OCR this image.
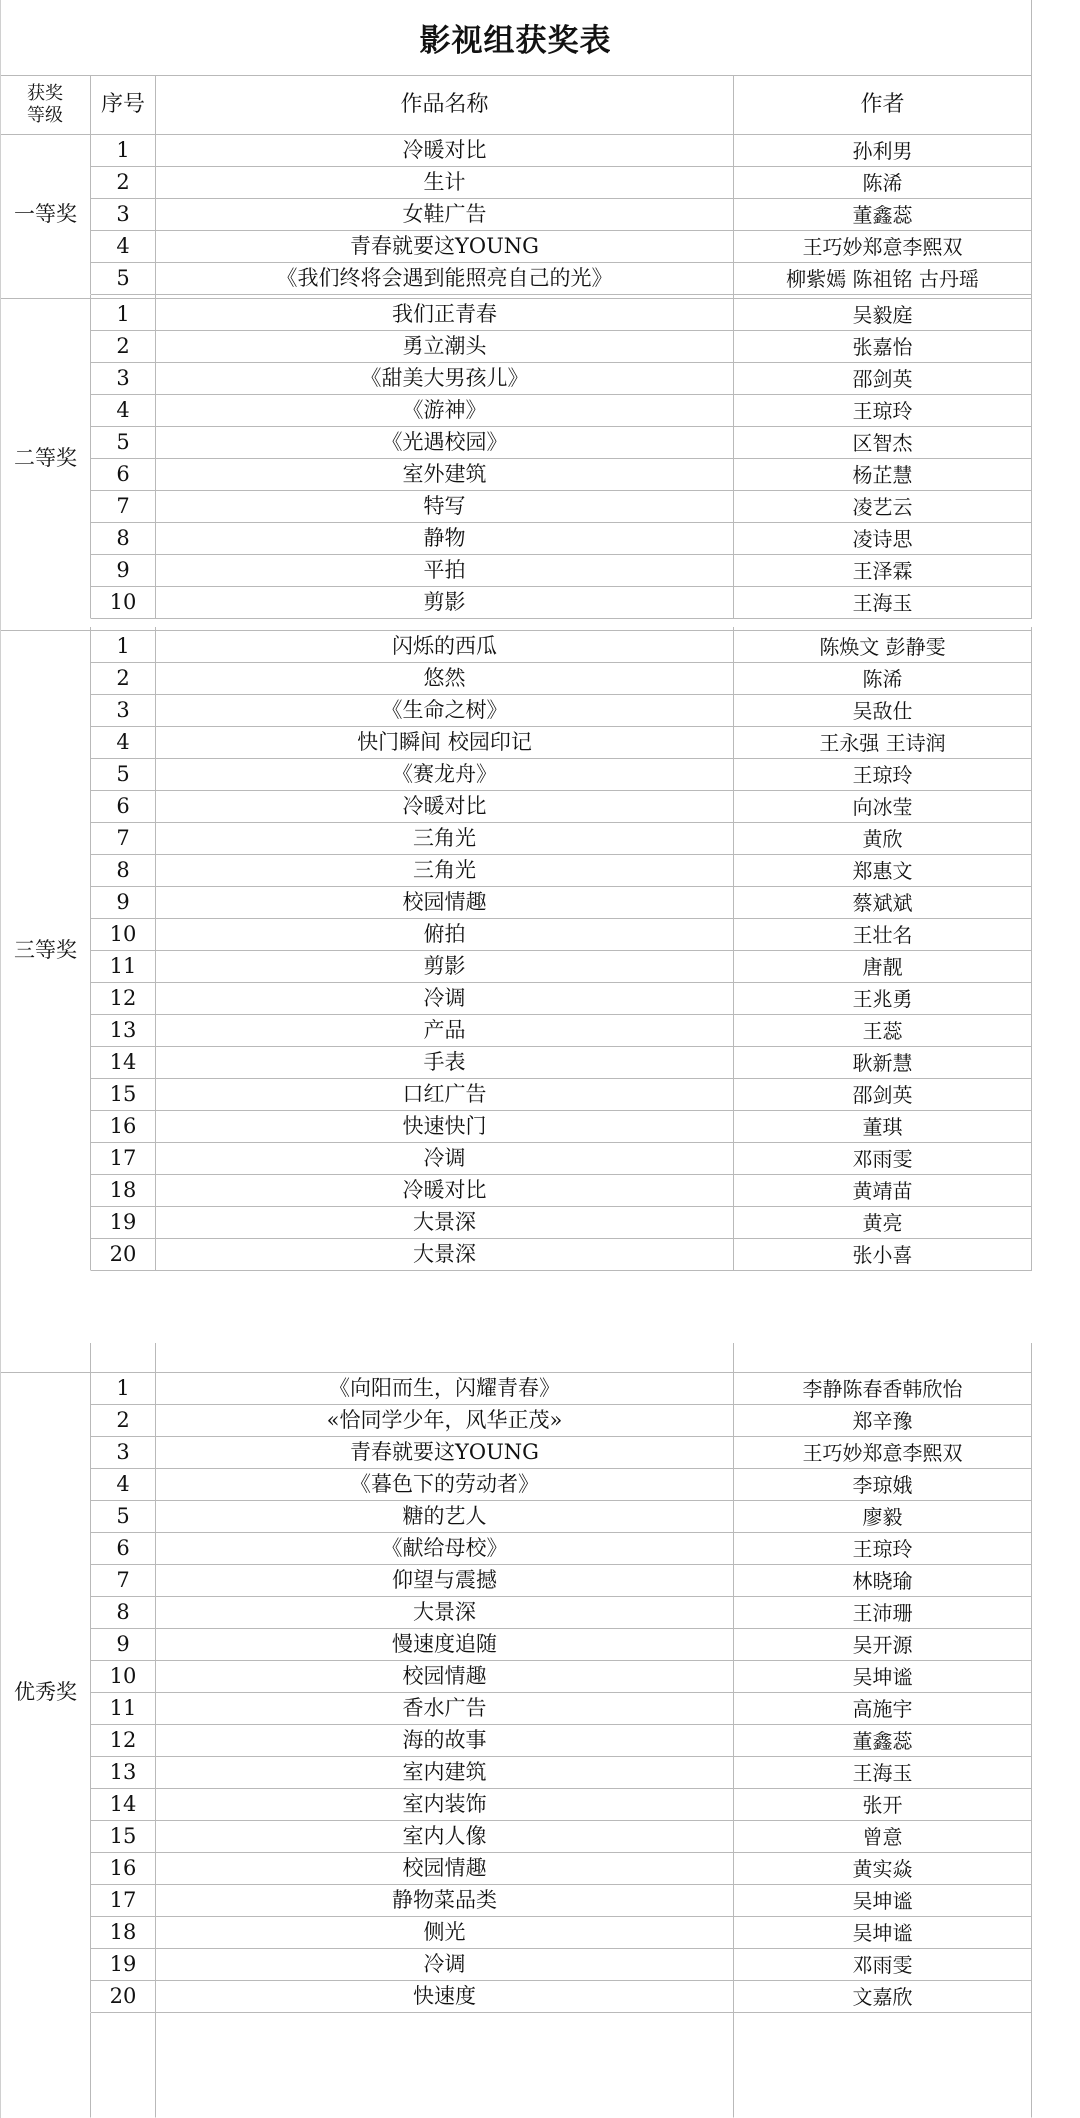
影视组获奖表
获奖
等级	序号	作品名称	作者
一等奖
1	冷暖对比	孙利男
2	生计	陈浠
3	女鞋广告	董鑫蕊
4	青春就要这YOUNG	王巧妙郑意李熙双
5	《我们终将会遇到能照亮自己的光》	柳紫嫣 陈祖铭 古丹瑶
二等奖
1	我们正青春	吴毅庭
2	勇立潮头	张嘉怡
3	《甜美大男孩儿》	邵剑英
4	《游神》	王琼玲
5	《光遇校园》	区智杰
6	室外建筑	杨芷慧
7	特写	凌艺云
8	静物	凌诗思
9	平拍	王泽霖
10	剪影	王海玉
三等奖
1	闪烁的西瓜	陈焕文 彭静雯
2	悠然	陈浠
3	《生命之树》	吴敌仕
4	快门瞬间 校园印记	王永强 王诗润
5	《赛龙舟》	王琼玲
6	冷暖对比	向冰莹
7	三角光	黄欣
8	三角光	郑惠文
9	校园情趣	蔡斌斌
10	俯拍	王壮名
11	剪影	唐靓
12	冷调	王兆勇
13	产品	王蕊
14	手表	耿新慧
15	口红广告	邵剑英
16	快速快门	董琪
17	冷调	邓雨雯
18	冷暖对比	黄靖苗
19	大景深	黄亮
20	大景深	张小喜
优秀奖
1	《向阳而生，闪耀青春》	李静陈春香韩欣怡
2	«恰同学少年，风华正茂»	郑辛豫
3	青春就要这YOUNG	王巧妙郑意李熙双
4	《暮色下的劳动者》	李琼娥
5	糖的艺人	廖毅
6	《献给母校》	王琼玲
7	仰望与震撼	林晓瑜
8	大景深	王沛珊
9	慢速度追随	吴开源
10	校园情趣	吴坤谧
11	香水广告	高施宇
12	海的故事	董鑫蕊
13	室内建筑	王海玉
14	室内装饰	张开
15	室内人像	曾意
16	校园情趣	黄实焱
17	静物菜品类	吴坤谧
18	侧光	吴坤谧
19	冷调	邓雨雯
20	快速度	文嘉欣
